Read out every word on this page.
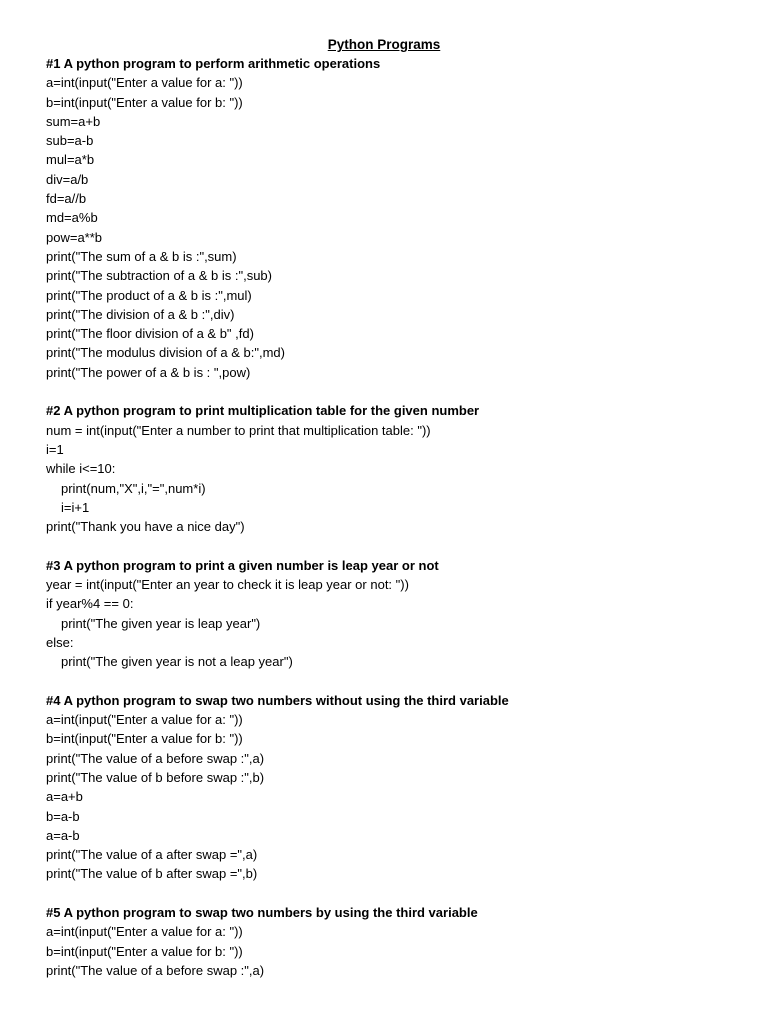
Python Programs
#1 A python program to perform arithmetic operations
a=int(input("Enter a value for a: "))
b=int(input("Enter a value for b: "))
sum=a+b
sub=a-b
mul=a*b
div=a/b
fd=a//b
md=a%b
pow=a**b
print("The sum of a & b is :",sum)
print("The subtraction of a & b is :",sub)
print("The product of a & b is :",mul)
print("The division of a & b :",div)
print("The floor division of a & b" ,fd)
print("The modulus division of a & b:",md)
print("The power of a & b is : ",pow)
#2 A python program to print multiplication table for the given number
num = int(input("Enter a number to print that multiplication table: "))
i=1
while i<=10:
print(num,"X",i,"=",num*i)
i=i+1
print("Thank you have a nice day")
#3 A python program to print a given number is leap year or not
year = int(input("Enter an year to check it is leap year or not: "))
if year%4 == 0:
print("The given year is leap year")
else:
print("The given year is not a leap year")
#4 A python program to swap two numbers without using the third variable
a=int(input("Enter a value for a: "))
b=int(input("Enter a value for b: "))
print("The value of a before swap :",a)
print("The value of b before swap :",b)
a=a+b
b=a-b
a=a-b
print("The value of a after swap =",a)
print("The value of b after swap =",b)
#5 A python program to swap two numbers by using the third variable
a=int(input("Enter a value for a: "))
b=int(input("Enter a value for b: "))
print("The value of a before swap :",a)
